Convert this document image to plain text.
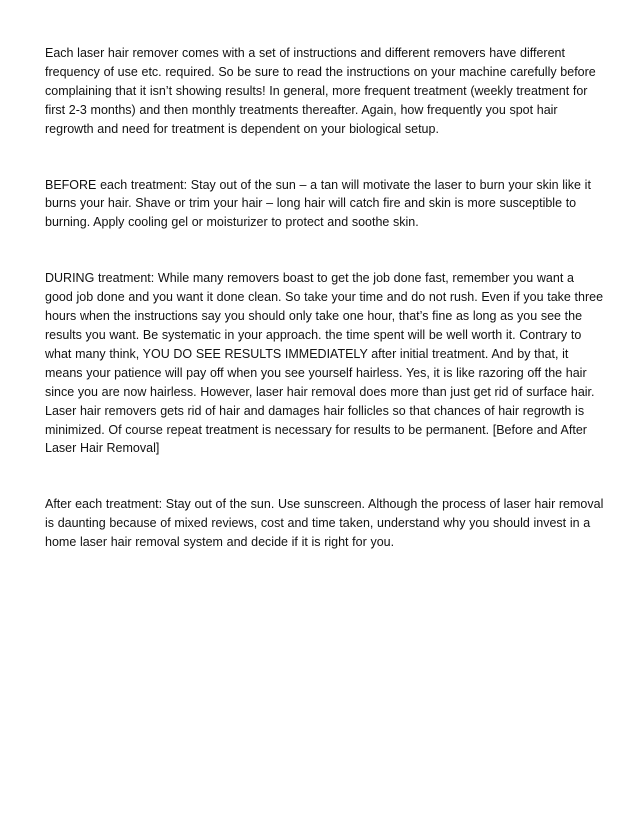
Each laser hair remover comes with a set of instructions and different removers have different frequency of use etc. required. So be sure to read the instructions on your machine carefully before complaining that it isn’t showing results! In general, more frequent treatment (weekly treatment for first 2-3 months) and then monthly treatments thereafter. Again, how frequently you spot hair regrowth and need for treatment is dependent on your biological setup.

BEFORE each treatment: Stay out of the sun – a tan will motivate the laser to burn your skin like it burns your hair. Shave or trim your hair – long hair will catch fire and skin is more susceptible to burning. Apply cooling gel or moisturizer to protect and soothe skin.

DURING treatment: While many removers boast to get the job done fast, remember you want a good job done and you want it done clean. So take your time and do not rush. Even if you take three hours when the instructions say you should only take one hour, that’s fine as long as you see the results you want. Be systematic in your approach. the time spent will be well worth it. Contrary to what many think, YOU DO SEE RESULTS IMMEDIATELY after initial treatment. And by that, it means your patience will pay off when you see yourself hairless. Yes, it is like razoring off the hair since you are now hairless. However, laser hair removal does more than just get rid of surface hair. Laser hair removers gets rid of hair and damages hair follicles so that chances of hair regrowth is minimized. Of course repeat treatment is necessary for results to be permanent. [Before and After Laser Hair Removal]

After each treatment: Stay out of the sun. Use sunscreen. Although the process of laser hair removal is daunting because of mixed reviews, cost and time taken, understand why you should invest in a home laser hair removal system and decide if it is right for you.
